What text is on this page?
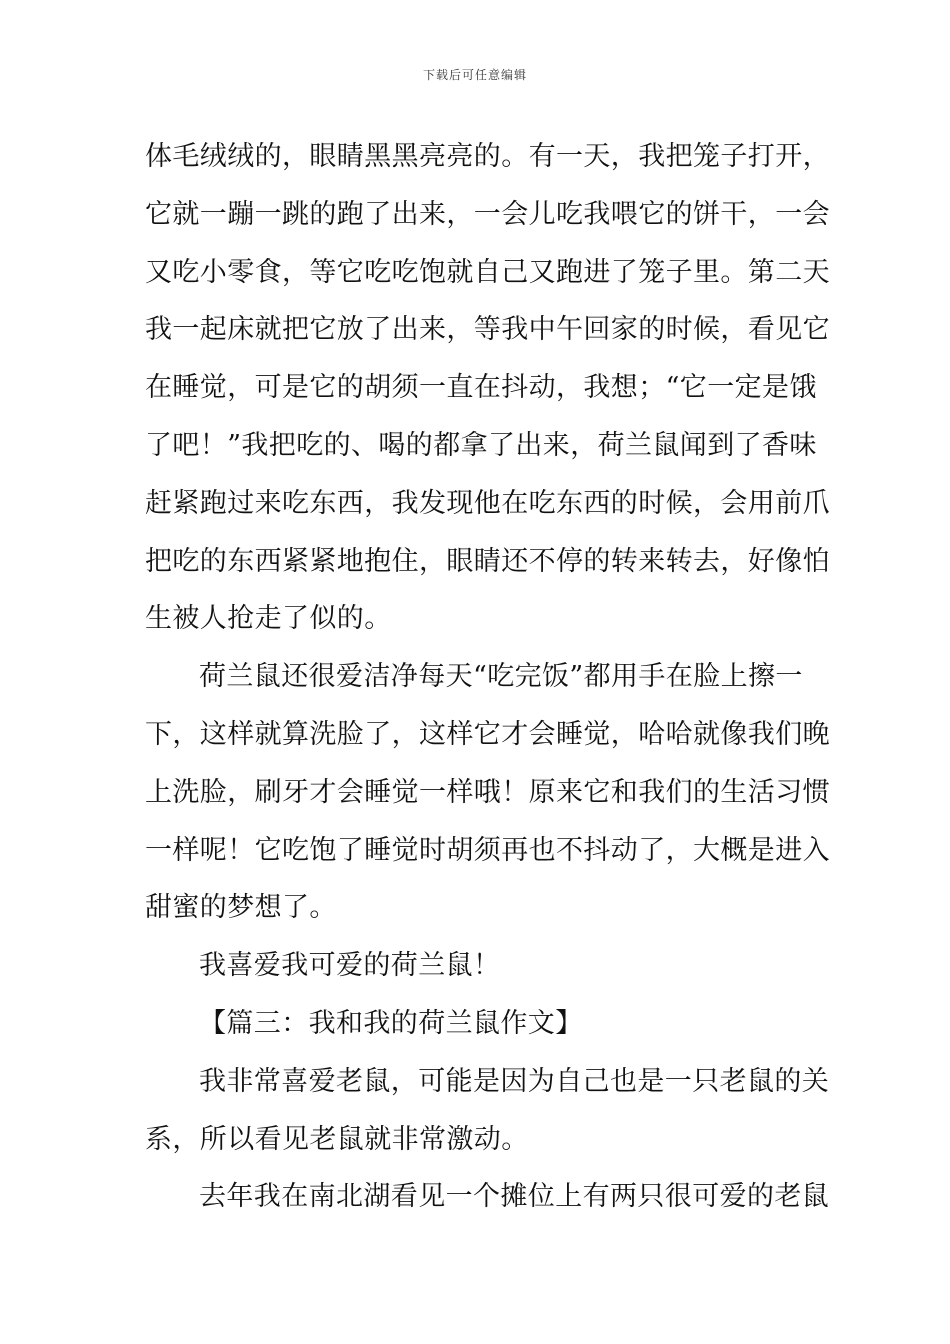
下载后可任意编辑
体毛绒绒的，眼睛黑黑亮亮的。有一天，我把笼子打开，
它就一蹦一跳的跑了出来，一会儿吃我喂它的饼干，一会
又吃小零食，等它吃吃饱就自己又跑进了笼子里。第二天
我一起床就把它放了出来，等我中午回家的时候，看见它
在睡觉，可是它的胡须一直在抖动，我想；“它一定是饿
了吧！”我把吃的、喝的都拿了出来，荷兰鼠闻到了香味
赶紧跑过来吃东西，我发现他在吃东西的时候，会用前爪
把吃的东西紧紧地抱住，眼睛还不停的转来转去，好像怕
生被人抢走了似的。
荷兰鼠还很爱洁净每天“吃完饭”都用手在脸上擦一
下，这样就算洗脸了，这样它才会睡觉，哈哈就像我们晚
上洗脸，刷牙才会睡觉一样哦！原来它和我们的生活习惯
一样呢！它吃饱了睡觉时胡须再也不抖动了，大概是进入
甜蜜的梦想了。
我喜爱我可爱的荷兰鼠！
【篇三：我和我的荷兰鼠作文】
我非常喜爱老鼠，可能是因为自己也是一只老鼠的关
系，所以看见老鼠就非常激动。
去年我在南北湖看见一个摊位上有两只很可爱的老鼠
